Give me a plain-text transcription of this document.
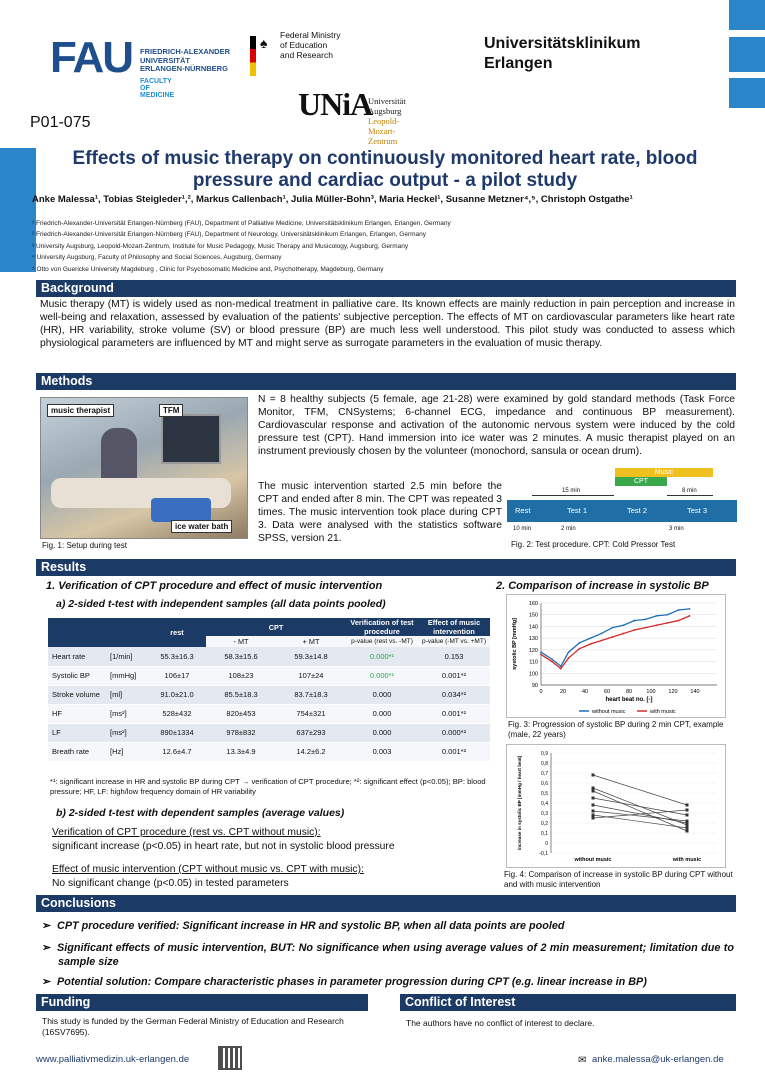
FAU FRIEDRICH-ALEXANDER
UNIVERSITÄT
ERLANGEN-NÜRNBERG
FACULTY OF MEDICINE
♠	Federal Ministry
of Education
and Research
Universitätsklinikum
Erlangen
UNiA
Universität Augsburg
Leopold-Mozart-Zentrum
P01-075
Effects of music therapy on continuously monitored heart rate, blood pressure and cardiac output - a pilot study
Anke Malessa¹, Tobias Steigleder¹,², Markus Callenbach¹, Julia Müller-Bohn³, Maria Heckel¹, Susanne Metzner⁴,⁵, Christoph Ostgathe¹
¹ Friedrich-Alexander-Universität Erlangen-Nürnberg (FAU), Department of Palliative Medicine, Universitätsklinikum Erlangen, Erlangen, Germany
² Friedrich-Alexander-Universität Erlangen-Nürnberg (FAU), Department of Neurology, Universitätsklinikum Erlangen, Erlangen, Germany
³ University Augsburg, Leopold-Mozart-Zentrum, Institute for Music Pedagogy, Music Therapy and Musicology, Augsburg, Germany
⁴ University Augsburg, Faculty of Philosophy and Social Sciences, Augsburg, Germany
⁵ Otto von Guericke University Magdeburg , Clinic for Psychosomatic Medicine and, Psychotherapy, Magdeburg, Germany
Background
Music therapy (MT) is widely used as non-medical treatment in palliative care. Its known effects are mainly reduction in pain perception and increase in well-being and relaxation, assessed by evaluation of the patients' subjective perception. The effects of MT on cardiovascular parameters like heart rate (HR), HR variability, stroke volume (SV) or blood pressure (BP) are much less well understood. This pilot study was conducted to assess which physiological parameters are influenced by MT and might serve as surrogate parameters in the evaluation of music therapy.
Methods
music therapist	TFM
ice water bath
Fig. 1: Setup during test
N = 8 healthy subjects (5 female, age 21-28) were examined by gold standard methods (Task Force Monitor, TFM, CNSystems; 6-channel ECG, impedance and continuous BP measurement). Cardiovascular response and activation of the autonomic nervous system were induced by the cold pressure test (CPT). Hand immersion into ice water was 2 minutes. A music therapist played on an instrument previously chosen by the volunteer (monochord, sansula or ocean drum).
The music intervention started 2.5 min before the CPT and ended after 8 min. The CPT was repeated 3 times. The music intervention took place during CPT 3. Data were analysed with the statistics software SPSS, version 21.
Music
CPT
15 min	8 min
Rest	Test 1	Test 2	Test 3
10 min	2 min	3 min
Fig. 2: Test procedure. CPT: Cold Pressor Test
Results
1. Verification of CPT procedure and effect of music intervention
a) 2-sided t-test with independent samples (all data points pooled)
		rest	CPT		Verification of test procedure	Effect of music intervention
			- MT	+ MT	p-value (rest vs. -MT)	p-value (-MT vs. +MT)
Heart rate	[1/min]	55.3±16.3	58.3±15.6	59.3±14.8	0.000*¹	0.153
Systolic BP	[mmHg]	106±17	108±23	107±24	0.000*¹	0.001*²
Stroke volume	[ml]	91.0±21.0	85.5±18.3	83.7±18.3	0.000	0.034*²
HF	[ms²]	528±432	820±453	754±321	0.000	0.001*²
LF	[ms²]	890±1334	978±832	637±293	0.000	0.000*²
Breath rate	[Hz]	12.6±4.7	13.3±4.9	14.2±6.2	0.003	0.001*²
*¹: significant increase in HR and systolic BP during CPT → verification of CPT procedure; *²: significant effect (p<0.05); BP: blood pressure; HF, LF: high/low frequency domain of HR variability
b) 2-sided t-test with dependent samples (average values)
Verification of CPT procedure (rest vs. CPT without music):
significant increase (p<0.05) in heart rate, but not in systolic blood pressure
Effect of music intervention (CPT without music vs. CPT with music):
No significant change (p<0.05) in tested parameters
2. Comparison of increase in systolic BP
90
100
110
120
130
140
150
160
0	20	40	60	80	100 120 140
heart beat no. [-]
systolic BP [mmHg]
without music	with music
Fig. 3: Progression of systolic BP during 2 min CPT, example (male, 22 years)
-0,1
0
0,1
0,2
0,3
0,4
0,5
0,6
0,7
0,8
0,9
without music	with music
increase in systolic BP [mmHg / heart beat]
Fig. 4: Comparison of increase in systolic BP during CPT without and with music intervention
Conclusions
➢ CPT procedure verified: Significant increase in HR and systolic BP, when all data points are pooled
➢ Significant effects of music intervention, BUT: No significance when using average values of 2 min measurement; limitation due to sample size
➢ Potential solution: Compare characteristic phases in parameter progression during CPT (e.g. linear increase in BP)
Funding
This study is funded by the German Federal Ministry of Education and Research (16SV7695).
Conflict of Interest
The authors have no conflict of interest to declare.
www.palliativmedizin.uk-erlangen.de	✉ anke.malessa@uk-erlangen.de
